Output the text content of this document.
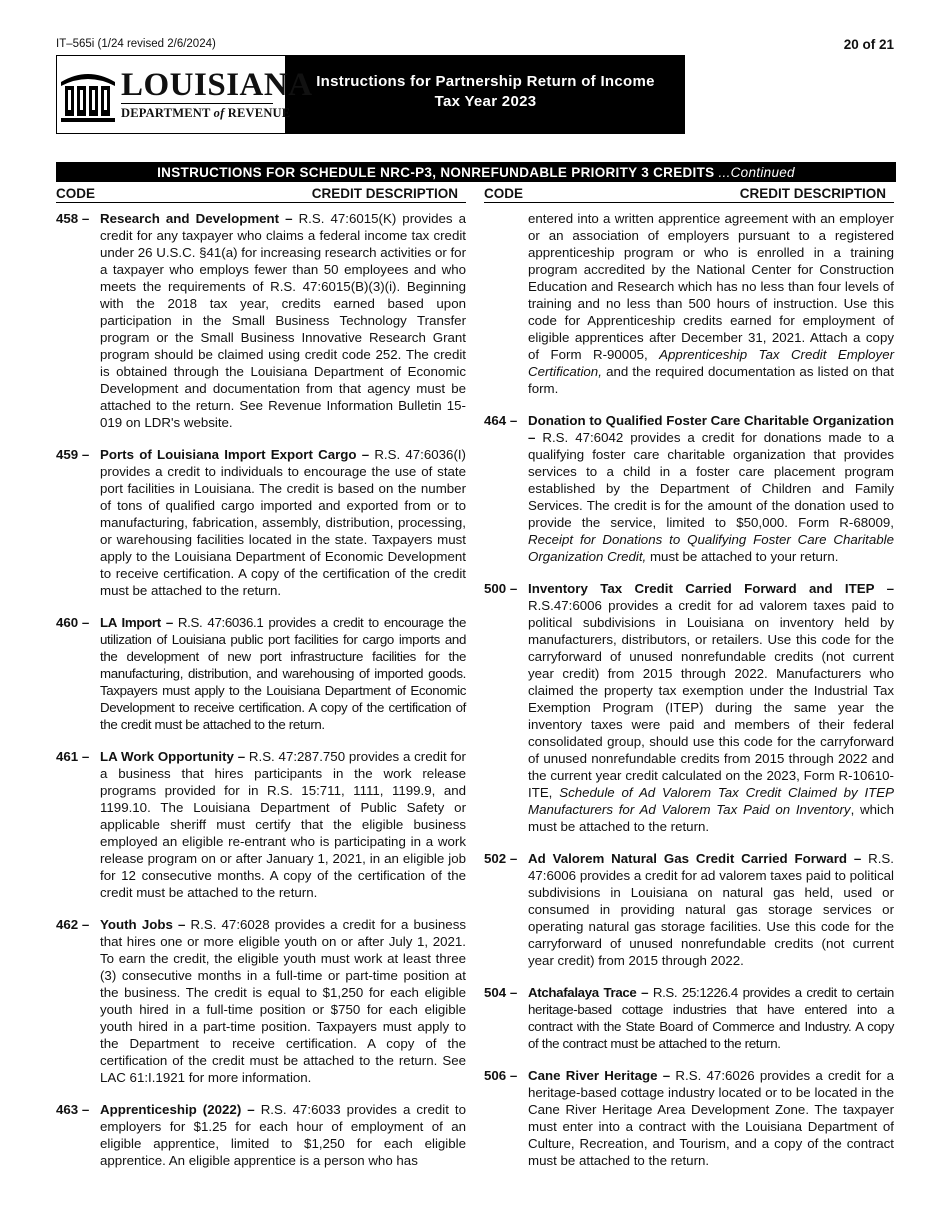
IT–565i (1/24 revised 2/6/2024)	20 of 21
LOUISIANA
DEPARTMENT of REVENUE
Instructions for Partnership Return of Income
Tax Year 2023
INSTRUCTIONS FOR SCHEDULE NRC-P3, NONREFUNDABLE PRIORITY 3 CREDITS ...Continued
CODE	CREDIT DESCRIPTION
458 – Research and Development – R.S. 47:6015(K) provides a credit for any taxpayer who claims a federal income tax credit under 26 U.S.C. §41(a) for increasing research activities or for a taxpayer who employs fewer than 50 employees and who meets the requirements of R.S. 47:6015(B)(3)(i). Beginning with the 2018 tax year, credits earned based upon participation in the Small Business Technology Transfer program or the Small Business Innovative Research Grant program should be claimed using credit code 252. The credit is obtained through the Louisiana Department of Economic Development and documentation from that agency must be attached to the return. See Revenue Information Bulletin 15-019 on LDR's website.
459 – Ports of Louisiana Import Export Cargo – R.S. 47:6036(I) provides a credit to individuals to encourage the use of state port facilities in Louisiana. The credit is based on the number of tons of qualified cargo imported and exported from or to manufacturing, fabrication, assembly, distribution, processing, or warehousing facilities located in the state. Taxpayers must apply to the Louisiana Department of Economic Development to receive certification. A copy of the certification of the credit must be attached to the return.
460 – LA Import – R.S. 47:6036.1 provides a credit to encourage the utilization of Louisiana public port facilities for cargo imports and the development of new port infrastructure facilities for the manufacturing, distribution, and warehousing of imported goods. Taxpayers must apply to the Louisiana Department of Economic Development to receive certification. A copy of the certification of the credit must be attached to the return.
461 – LA Work Opportunity – R.S. 47:287.750 provides a credit for a business that hires participants in the work release programs provided for in R.S. 15:711, 1111, 1199.9, and 1199.10. The Louisiana Department of Public Safety or applicable sheriff must certify that the eligible business employed an eligible re-entrant who is participating in a work release program on or after January 1, 2021, in an eligible job for 12 consecutive months. A copy of the certification of the credit must be attached to the return.
462 – Youth Jobs – R.S. 47:6028 provides a credit for a business that hires one or more eligible youth on or after July 1, 2021. To earn the credit, the eligible youth must work at least three (3) consecutive months in a full-time or part-time position at the business. The credit is equal to $1,250 for each eligible youth hired in a full-time position or $750 for each eligible youth hired in a part-time position. Taxpayers must apply to the Department to receive certification. A copy of the certification of the credit must be attached to the return. See LAC 61:I.1921 for more information.
463 – Apprenticeship (2022) – R.S. 47:6033 provides a credit to employers for $1.25 for each hour of employment of an eligible apprentice, limited to $1,250 for each eligible apprentice. An eligible apprentice is a person who has
CODE	CREDIT DESCRIPTION
entered into a written apprentice agreement with an employer or an association of employers pursuant to a registered apprenticeship program or who is enrolled in a training program accredited by the National Center for Construction Education and Research which has no less than four levels of training and no less than 500 hours of instruction. Use this code for Apprenticeship credits earned for employment of eligible apprentices after December 31, 2021. Attach a copy of Form R-90005, Apprenticeship Tax Credit Employer Certification, and the required documentation as listed on that form.
464 – Donation to Qualified Foster Care Charitable Organization – R.S. 47:6042 provides a credit for donations made to a qualifying foster care charitable organization that provides services to a child in a foster care placement program established by the Department of Children and Family Services. The credit is for the amount of the donation used to provide the service, limited to $50,000. Form R-68009, Receipt for Donations to Qualifying Foster Care Charitable Organization Credit, must be attached to your return.
500 – Inventory Tax Credit Carried Forward and ITEP – R.S.47:6006 provides a credit for ad valorem taxes paid to political subdivisions in Louisiana on inventory held by manufacturers, distributors, or retailers. Use this code for the carryforward of unused nonrefundable credits (not current year credit) from 2015 through 2022. Manufacturers who claimed the property tax exemption under the Industrial Tax Exemption Program (ITEP) during the same year the inventory taxes were paid and members of their federal consolidated group, should use this code for the carryforward of unused nonrefundable credits from 2015 through 2022 and the current year credit calculated on the 2023, Form R-10610-ITE, Schedule of Ad Valorem Tax Credit Claimed by ITEP Manufacturers for Ad Valorem Tax Paid on Inventory, which must be attached to the return.
502 – Ad Valorem Natural Gas Credit Carried Forward – R.S. 47:6006 provides a credit for ad valorem taxes paid to political subdivisions in Louisiana on natural gas held, used or consumed in providing natural gas storage services or operating natural gas storage facilities. Use this code for the carryforward of unused nonrefundable credits (not current year credit) from 2015 through 2022.
504 – Atchafalaya Trace – R.S. 25:1226.4 provides a credit to certain heritage-based cottage industries that have entered into a contract with the State Board of Commerce and Industry. A copy of the contract must be attached to the return.
506 – Cane River Heritage – R.S. 47:6026 provides a credit for a heritage-based cottage industry located or to be located in the Cane River Heritage Area Development Zone. The taxpayer must enter into a contract with the Louisiana Department of Culture, Recreation, and Tourism, and a copy of the contract must be attached to the return.
